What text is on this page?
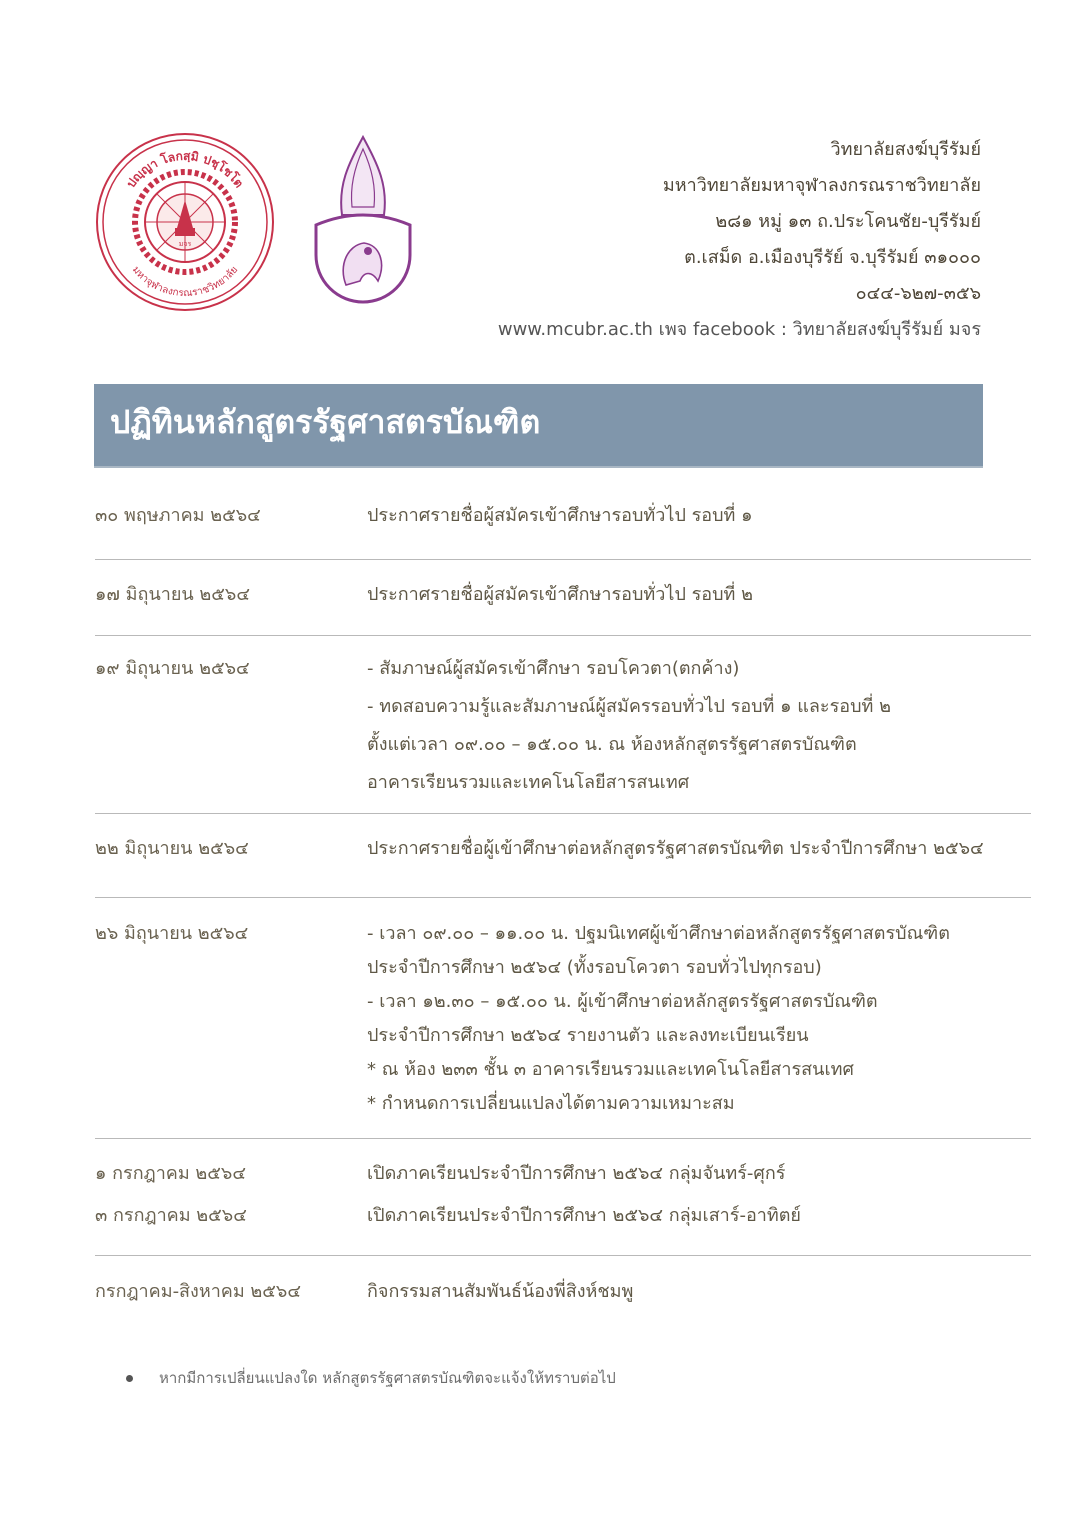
มจร
ปญฺญา โลกสฺมิ ปชฺโชโต
มหาจุฬาลงกรณราชวิทยาลัย
วิทยาลัยสงฆ์บุรีรัมย์
มหาวิทยาลัยมหาจุฬาลงกรณราชวิทยาลัย
๒๘๑ หมู่ ๑๓ ถ.ประโคนชัย-บุรีรัมย์
ต.เสม็ด อ.เมืองบุรีรัย์ จ.บุรีรัมย์ ๓๑๐๐๐
๐๔๔-๖๒๗-๓๕๖
www.mcubr.ac.th เพจ facebook : วิทยาลัยสงฆ์บุรีรัมย์ มจร
ปฏิทินหลักสูตรรัฐศาสตรบัณฑิต
๓๐ พฤษภาคม ๒๕๖๔	ประกาศรายชื่อผู้สมัครเข้าศึกษารอบทั่วไป รอบที่ ๑
๑๗ มิถุนายน ๒๕๖๔	ประกาศรายชื่อผู้สมัครเข้าศึกษารอบทั่วไป รอบที่ ๒
๑๙ มิถุนายน ๒๕๖๔	- สัมภาษณ์ผู้สมัครเข้าศึกษา รอบโควตา(ตกค้าง)
- ทดสอบความรู้และสัมภาษณ์ผู้สมัครรอบทั่วไป รอบที่ ๑ และรอบที่ ๒
ตั้งแต่เวลา ๐๙.๐๐ – ๑๕.๐๐ น. ณ ห้องหลักสูตรรัฐศาสตรบัณฑิต
อาคารเรียนรวมและเทคโนโลยีสารสนเทศ
๒๒ มิถุนายน ๒๕๖๔	ประกาศรายชื่อผู้เข้าศึกษาต่อหลักสูตรรัฐศาสตรบัณฑิต ประจำปีการศึกษา ๒๕๖๔
๒๖ มิถุนายน ๒๕๖๔	- เวลา ๐๙.๐๐ – ๑๑.๐๐ น. ปฐมนิเทศผู้เข้าศึกษาต่อหลักสูตรรัฐศาสตรบัณฑิต
ประจำปีการศึกษา ๒๕๖๔ (ทั้งรอบโควตา รอบทั่วไปทุกรอบ)
- เวลา ๑๒.๓๐ – ๑๕.๐๐ น. ผู้เข้าศึกษาต่อหลักสูตรรัฐศาสตรบัณฑิต
ประจำปีการศึกษา ๒๕๖๔ รายงานตัว และลงทะเบียนเรียน
* ณ ห้อง ๒๓๓ ชั้น ๓ อาคารเรียนรวมและเทคโนโลยีสารสนเทศ
* กำหนดการเปลี่ยนแปลงได้ตามความเหมาะสม
๑ กรกฎาคม ๒๕๖๔	เปิดภาคเรียนประจำปีการศึกษา ๒๕๖๔ กลุ่มจันทร์-ศุกร์
๓ กรกฎาคม ๒๕๖๔	เปิดภาคเรียนประจำปีการศึกษา ๒๕๖๔ กลุ่มเสาร์-อาทิตย์
กรกฎาคม-สิงหาคม ๒๕๖๔	กิจกรรมสานสัมพันธ์น้องพี่สิงห์ชมพู
หากมีการเปลี่ยนแปลงใด หลักสูตรรัฐศาสตรบัณฑิตจะแจ้งให้ทราบต่อไป
